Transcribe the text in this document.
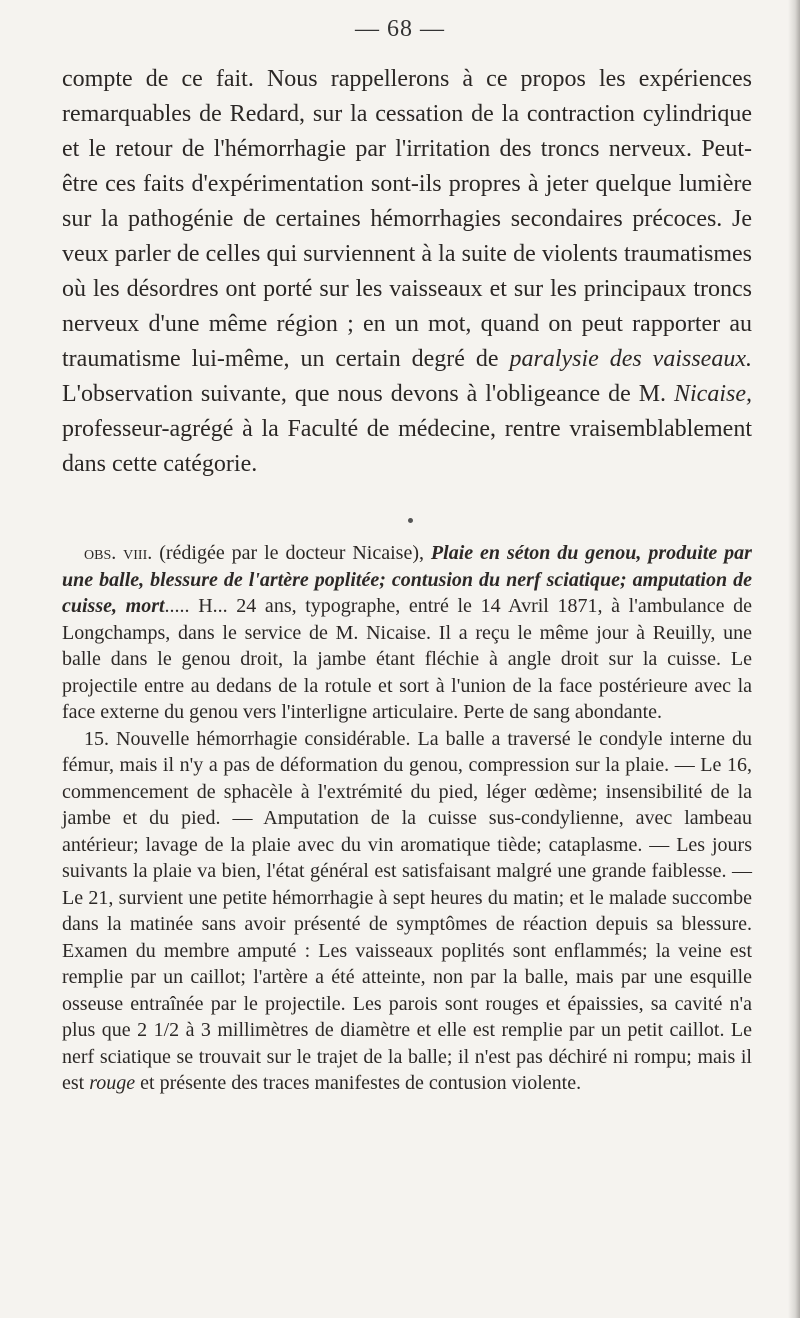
— 68 —

compte de ce fait. Nous rappellerons à ce propos les expériences remarquables de Redard, sur la cessation de la contraction cylindrique et le retour de l'hémorrhagie par l'irritation des troncs nerveux. Peut-être ces faits d'expérimentation sont-ils propres à jeter quelque lumière sur la pathogénie de certaines hémorrhagies secondaires précoces. Je veux parler de celles qui surviennent à la suite de violents traumatismes où les désordres ont porté sur les vaisseaux et sur les principaux troncs nerveux d'une même région ; en un mot, quand on peut rapporter au traumatisme lui-même, un certain degré de paralysie des vaisseaux. L'observation suivante, que nous devons à l'obligeance de M. Nicaise, professeur-agrégé à la Faculté de médecine, rentre vraisemblablement dans cette catégorie.

obs. viii. (rédigée par le docteur Nicaise), Plaie en séton du genou, produite par une balle, blessure de l'artère poplitée; contusion du nerf sciatique; amputation de cuisse, mort..... H... 24 ans, typographe, entré le 14 Avril 1871, à l'ambulance de Longchamps, dans le service de M. Nicaise. Il a reçu le même jour à Reuilly, une balle dans le genou droit, la jambe étant fléchie à angle droit sur la cuisse. Le projectile entre au dedans de la rotule et sort à l'union de la face postérieure avec la face externe du genou vers l'interligne articulaire. Perte de sang abondante.

15. Nouvelle hémorrhagie considérable. La balle a traversé le condyle interne du fémur, mais il n'y a pas de déformation du genou, compression sur la plaie. — Le 16, commencement de sphacèle à l'extrémité du pied, léger œdème; insensibilité de la jambe et du pied. — Amputation de la cuisse sus-condylienne, avec lambeau antérieur; lavage de la plaie avec du vin aromatique tiède; cataplasme. — Les jours suivants la plaie va bien, l'état général est satisfaisant malgré une grande faiblesse. — Le 21, survient une petite hémorrhagie à sept heures du matin; et le malade succombe dans la matinée sans avoir présenté de symptômes de réaction depuis sa blessure. Examen du membre amputé : Les vaisseaux poplités sont enflammés; la veine est remplie par un caillot; l'artère a été atteinte, non par la balle, mais par une esquille osseuse entraînée par le projectile. Les parois sont rouges et épaissies, sa cavité n'a plus que 2 1/2 à 3 millimètres de diamètre et elle est remplie par un petit caillot. Le nerf sciatique se trouvait sur le trajet de la balle; il n'est pas déchiré ni rompu; mais il est rouge et présente des traces manifestes de contusion violente.
